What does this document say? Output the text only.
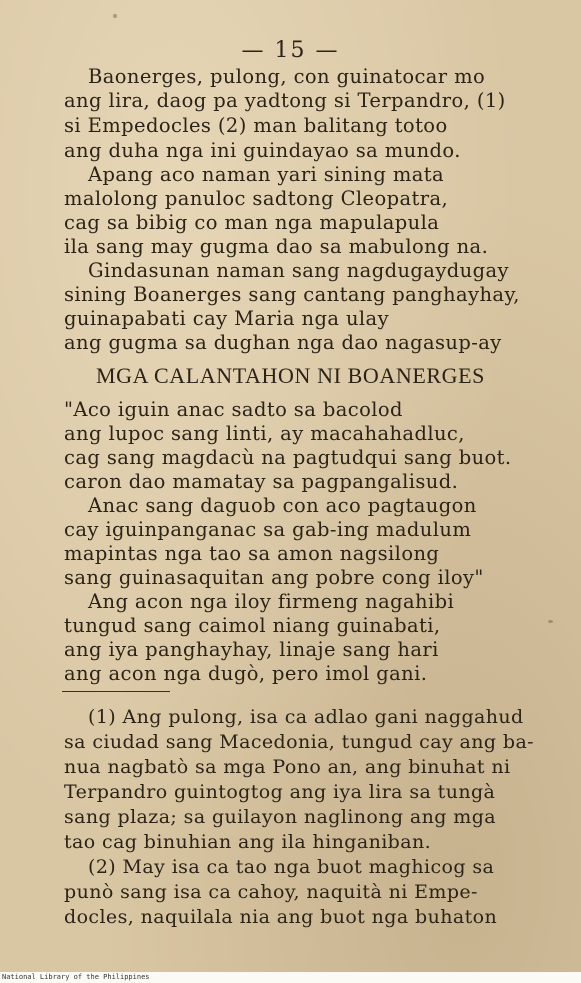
— 15 —
Baonerges, pulong, con guinatocar mo
ang lira, daog pa yadtong si Terpandro, (1)
si Empedocles (2) man balitang totoo
ang duha nga ini guindayao sa mundo.
Apang aco naman yari sining mata
malolong panuloc sadtong Cleopatra,
cag sa bibig co man nga mapulapula
ila sang may gugma dao sa mabulong na.
Gindasunan naman sang nagdugaydugay
sining Boanerges sang cantang panghayhay,
guinapabati cay Maria nga ulay
ang gugma sa dughan nga dao nagasup-ay
MGA CALANTAHON NI BOANERGES
"Aco iguin anac sadto sa bacolod
ang lupoc sang linti, ay macahahadluc,
cag sang magdacù na pagtudqui sang buot.
caron dao mamatay sa pagpangalisud.
Anac sang daguob con aco pagtaugon
cay iguinpanganac sa gab-ing madulum
mapintas nga tao sa amon nagsilong
sang guinasaquitan ang pobre cong iloy"
Ang acon nga iloy firmeng nagahibi
tungud sang caimol niang guinabati,
ang iya panghayhay, linaje sang hari
ang acon nga dugò, pero imol gani.
(1) Ang pulong, isa ca adlao gani naggahud
sa ciudad sang Macedonia, tungud cay ang ba-
nua nagbatò sa mga Pono an, ang binuhat ni
Terpandro guintogtog ang iya lira sa tungà
sang plaza; sa guilayon naglinong ang mga
tao cag binuhian ang ila hinganiban.
(2) May isa ca tao nga buot maghicog sa
punò sang isa ca cahoy, naquità ni Empe-
docles, naquilala nia ang buot nga buhaton
National Library of the Philippines
